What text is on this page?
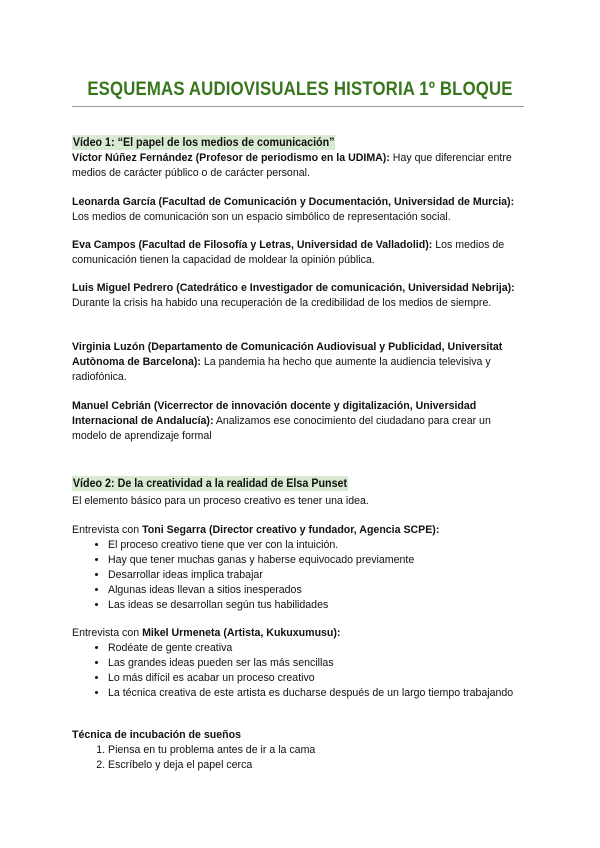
ESQUEMAS AUDIOVISUALES HISTORIA 1º BLOQUE
Vídeo 1: “El papel de los medios de comunicación”

Víctor Núñez Fernández (Profesor de periodismo en la UDIMA): Hay que diferenciar entre medios de carácter público o de carácter personal.

Leonarda García (Facultad de Comunicación y Documentación, Universidad de Murcia): Los medios de comunicación son un espacio simbólico de representación social.

Eva Campos (Facultad de Filosofía y Letras, Universidad de Valladolid): Los medios de comunicación tienen la capacidad de moldear la opinión pública.

Luis Miguel Pedrero (Catedrático e Investigador de comunicación, Universidad Nebrija): Durante la crisis ha habido una recuperación de la credibilidad de los medios de siempre.

Virginia Luzón (Departamento de Comunicación Audiovisual y Publicidad, Universitat Autònoma de Barcelona): La pandemia ha hecho que aumente la audiencia televisiva y radiofónica.

Manuel Cebrián (Vicerrector de innovación docente y digitalización, Universidad Internacional de Andalucía): Analizamos ese conocimiento del ciudadano para crear un modelo de aprendizaje formal

Vídeo 2: De la creatividad a la realidad de Elsa Punset

El elemento básico para un proceso creativo es tener una idea.

Entrevista con Toni Segarra (Director creativo y fundador, Agencia SCPE):

• El proceso creativo tiene que ver con la intuición.
• Hay que tener muchas ganas y haberse equivocado previamente
• Desarrollar ideas implica trabajar
• Algunas ideas llevan a sitios inesperados
• Las ideas se desarrollan según tus habilidades

Entrevista con Mikel Urmeneta (Artista, Kukuxumusu):

• Rodéate de gente creativa
• Las grandes ideas pueden ser las más sencillas
• Lo más difícil es acabar un proceso creativo
• La técnica creativa de este artista es ducharse después de un largo tiempo trabajando

Técnica de incubación de sueños

1. Piensa en tu problema antes de ir a la cama
2. Escríbelo y deja el papel cerca
